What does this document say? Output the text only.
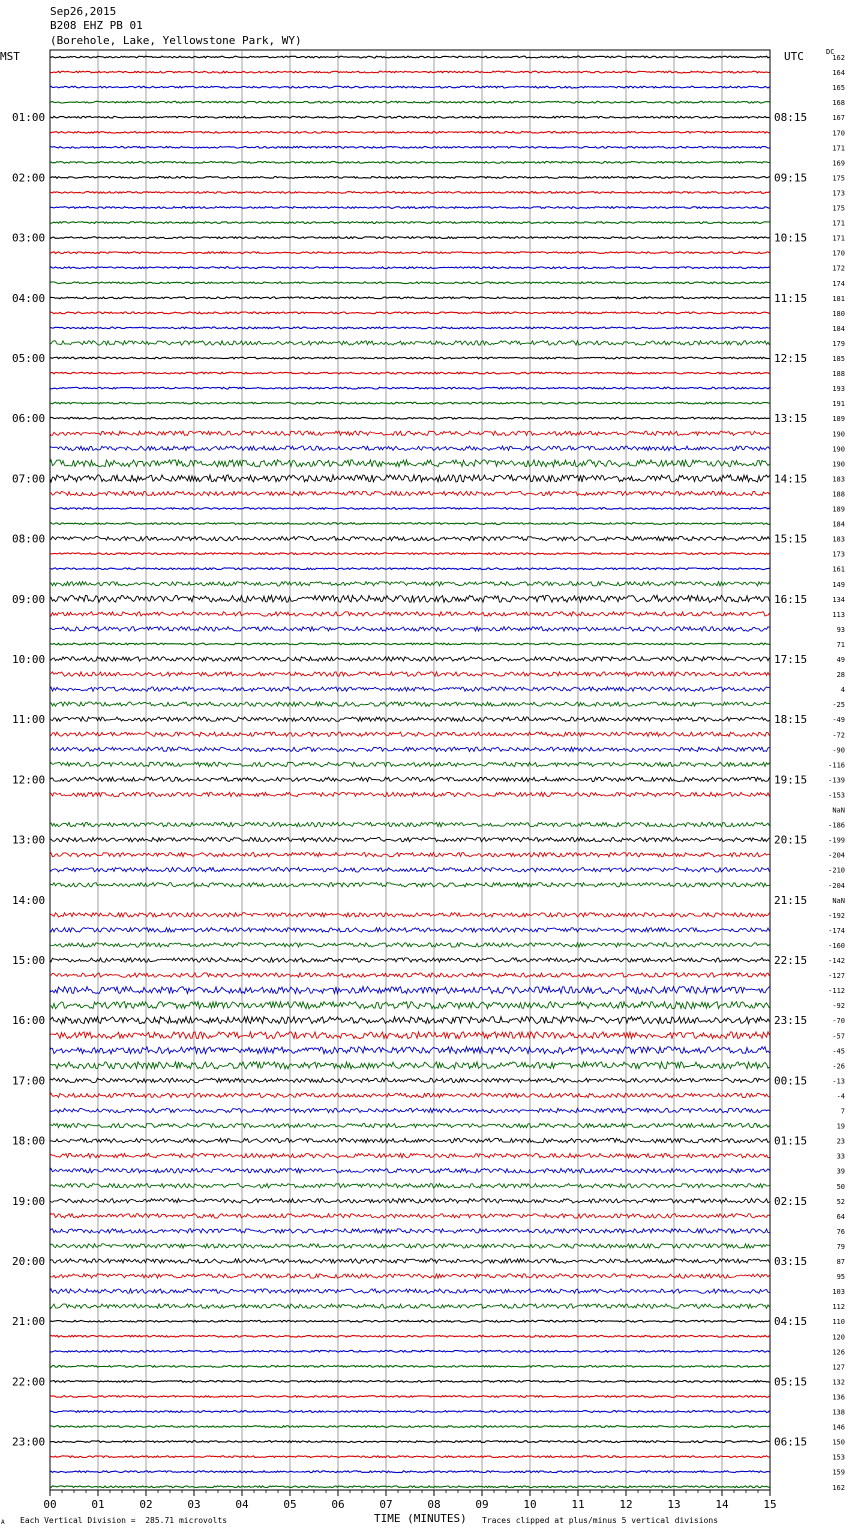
01:00
02:00
03:00
04:00
05:00
06:00
07:00
08:00
09:00
10:00
11:00
12:00
13:00
14:00
15:00
16:00
17:00
18:00
19:00
20:00
21:00
22:00
23:00
08:15
09:15
10:15
11:15
12:15
13:15
14:15
15:15
16:15
17:15
18:15
19:15
20:15
21:15
22:15
23:15
00:15
01:15
02:15
03:15
04:15
05:15
06:15
162
164
165
168
167
170
171
169
175
173
175
171
171
170
172
174
181
180
184
179
185
188
193
191
189
190
190
190
183
188
189
184
183
173
161
149
134
113
93
71
49
28
4
-25
-49
-72
-90
-116
-139
-153
NaN
-186
-199
-204
-210
-204
NaN
-192
-174
-160
-142
-127
-112
-92
-70
-57
-45
-26
-13
-4
7
19
23
33
39
50
52
64
76
79
87
95
103
112
110
120
126
127
132
136
138
146
150
153
159
162
00	01	02	03	04	05	06	07	08	09	10	11	12	13	14	15
Sep26,2015
B208 EHZ PB 01
(Borehole, Lake, Yellowstone Park, WY)
MST	UTC	DC
A Each Vertical Division =  285.71 microvolts	TIME (MINUTES) Traces clipped at plus/minus 5 vertical divisions
